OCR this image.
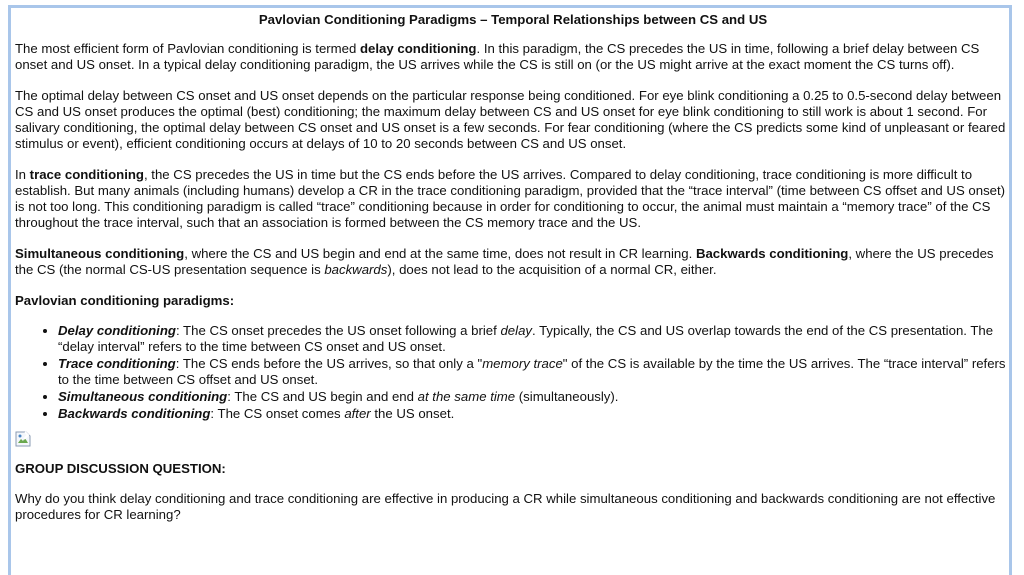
Pavlovian Conditioning Paradigms – Temporal Relationships between CS and US

The most efficient form of Pavlovian conditioning is termed delay conditioning. In this paradigm, the CS precedes the US in time, following a brief delay between CS onset and US onset. In a typical delay conditioning paradigm, the US arrives while the CS is still on (or the US might arrive at the exact moment the CS turns off).

The optimal delay between CS onset and US onset depends on the particular response being conditioned. For eye blink conditioning a 0.25 to 0.5-second delay between CS and US onset produces the optimal (best) conditioning; the maximum delay between CS and US onset for eye blink conditioning to still work is about 1 second. For salivary conditioning, the optimal delay between CS onset and US onset is a few seconds. For fear conditioning (where the CS predicts some kind of unpleasant or feared stimulus or event), efficient conditioning occurs at delays of 10 to 20 seconds between CS and US onset.

In trace conditioning, the CS precedes the US in time but the CS ends before the US arrives. Compared to delay conditioning, trace conditioning is more difficult to establish. But many animals (including humans) develop a CR in the trace conditioning paradigm, provided that the “trace interval” (time between CS offset and US onset) is not too long. This conditioning paradigm is called “trace” conditioning because in order for conditioning to occur, the animal must maintain a “memory trace” of the CS throughout the trace interval, such that an association is formed between the CS memory trace and the US.

Simultaneous conditioning, where the CS and US begin and end at the same time, does not result in CR learning. Backwards conditioning, where the US precedes the CS (the normal CS-US presentation sequence is backwards), does not lead to the acquisition of a normal CR, either.

Pavlovian conditioning paradigms:

• Delay conditioning: The CS onset precedes the US onset following a brief delay. Typically, the CS and US overlap towards the end of the CS presentation. The “delay interval” refers to the time between CS onset and US onset.
• Trace conditioning: The CS ends before the US arrives, so that only a "memory trace" of the CS is available by the time the US arrives. The “trace interval” refers to the time between CS offset and US onset.
• Simultaneous conditioning: The CS and US begin and end at the same time (simultaneously).
• Backwards conditioning: The CS onset comes after the US onset.

GROUP DISCUSSION QUESTION:

Why do you think delay conditioning and trace conditioning are effective in producing a CR while simultaneous conditioning and backwards conditioning are not effective procedures for CR learning?
